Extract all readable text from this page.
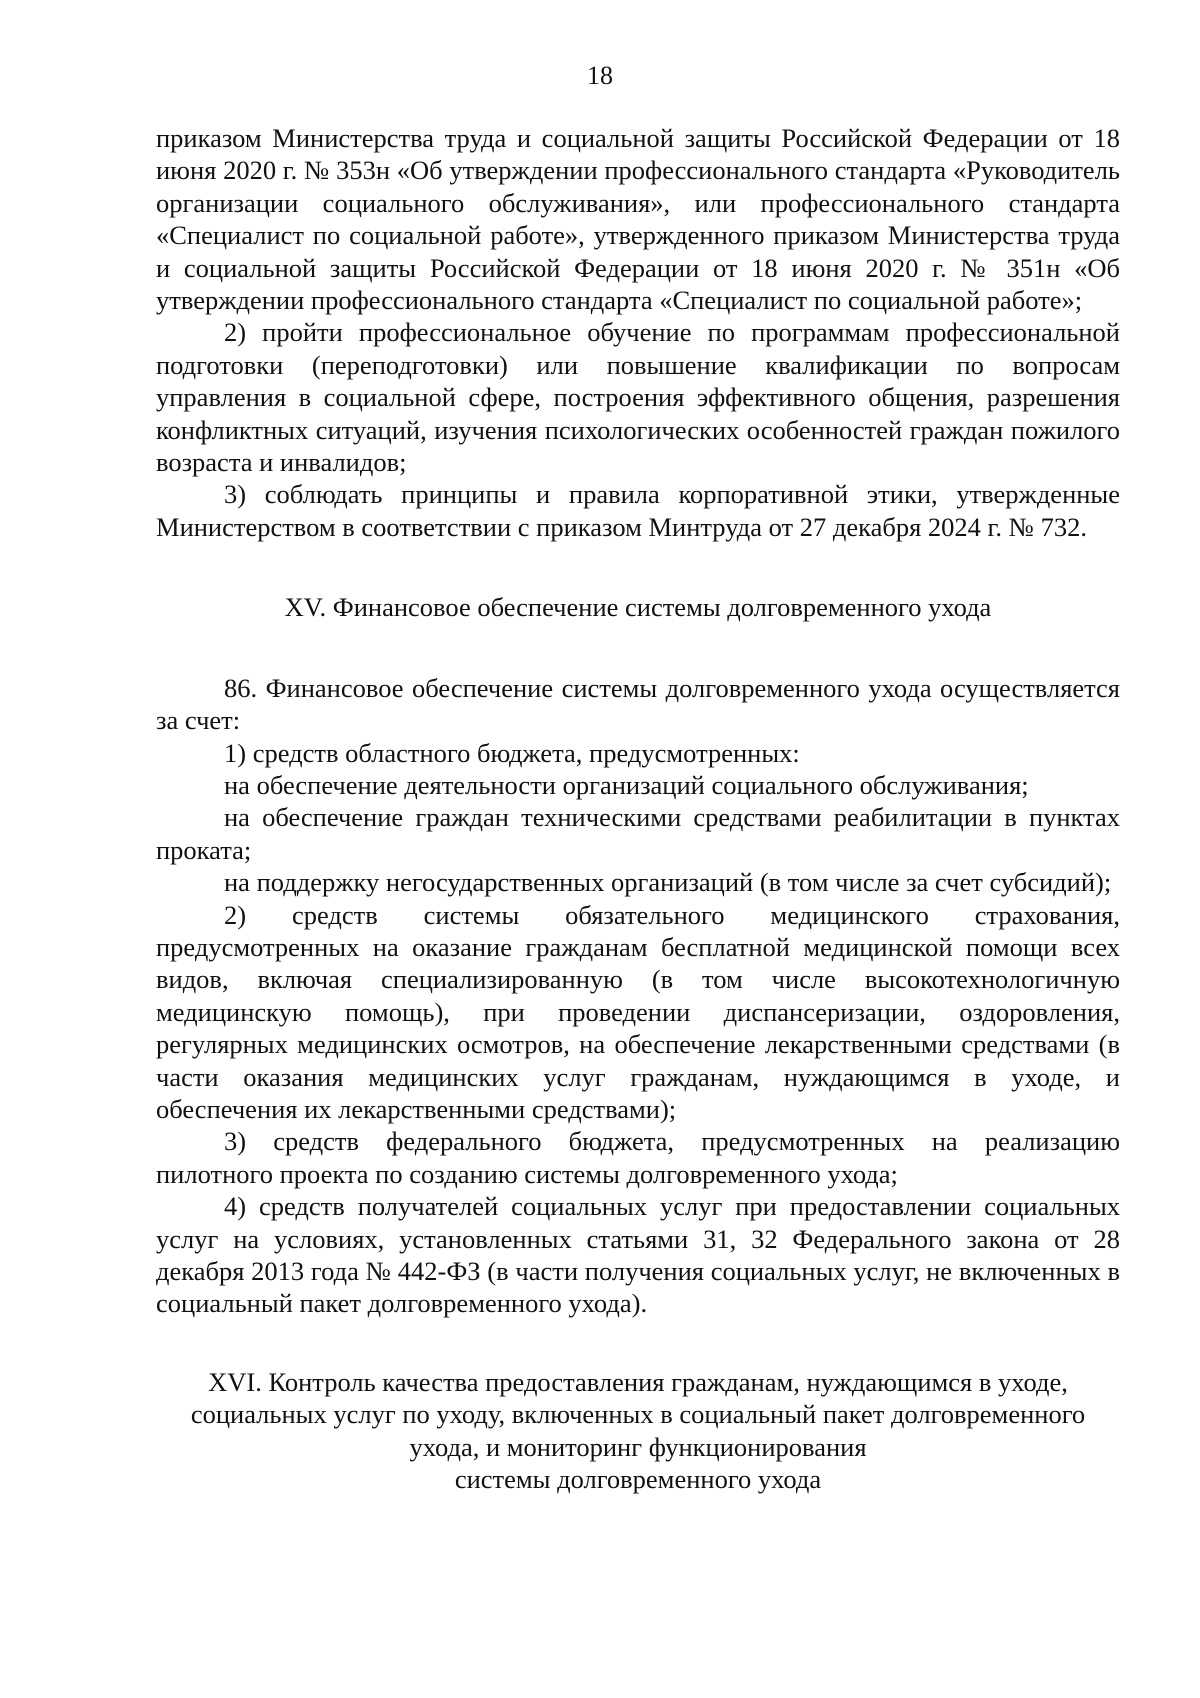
18

приказом Министерства труда и социальной защиты Российской Федерации от 18 июня 2020 г. № 353н «Об утверждении профессионального стандарта «Руководитель организации социального обслуживания», или профессионального стандарта «Специалист по социальной работе», утвержденного приказом Министерства труда и социальной защиты Российской Федерации от 18 июня 2020 г. № 351н «Об утверждении профессионального стандарта «Специалист по социальной работе»;

2) пройти профессиональное обучение по программам профессиональной подготовки (переподготовки) или повышение квалификации по вопросам управления в социальной сфере, построения эффективного общения, разрешения конфликтных ситуаций, изучения психологических особенностей граждан пожилого возраста и инвалидов;

3) соблюдать принципы и правила корпоративной этики, утвержденные Министерством в соответствии с приказом Минтруда от 27 декабря 2024 г. № 732.

XV. Финансовое обеспечение системы долговременного ухода

86. Финансовое обеспечение системы долговременного ухода осуществляется за счет:

1) средств областного бюджета, предусмотренных:

на обеспечение деятельности организаций социального обслуживания;

на обеспечение граждан техническими средствами реабилитации в пунктах проката;

на поддержку негосударственных организаций (в том числе за счет субсидий);

2) средств системы обязательного медицинского страхования, предусмотренных на оказание гражданам бесплатной медицинской помощи всех видов, включая специализированную (в том числе высокотехнологичную медицинскую помощь), при проведении диспансеризации, оздоровления, регулярных медицинских осмотров, на обеспечение лекарственными средствами (в части оказания медицинских услуг гражданам, нуждающимся в уходе, и обеспечения их лекарственными средствами);

3) средств федерального бюджета, предусмотренных на реализацию пилотного проекта по созданию системы долговременного ухода;

4) средств получателей социальных услуг при предоставлении социальных услуг на условиях, установленных статьями 31, 32 Федерального закона от 28 декабря 2013 года № 442-ФЗ (в части получения социальных услуг, не включенных в социальный пакет долговременного ухода).

XVI. Контроль качества предоставления гражданам, нуждающимся в уходе,
социальных услуг по уходу, включенных в социальный пакет долговременного
ухода, и мониторинг функционирования
системы долговременного ухода
